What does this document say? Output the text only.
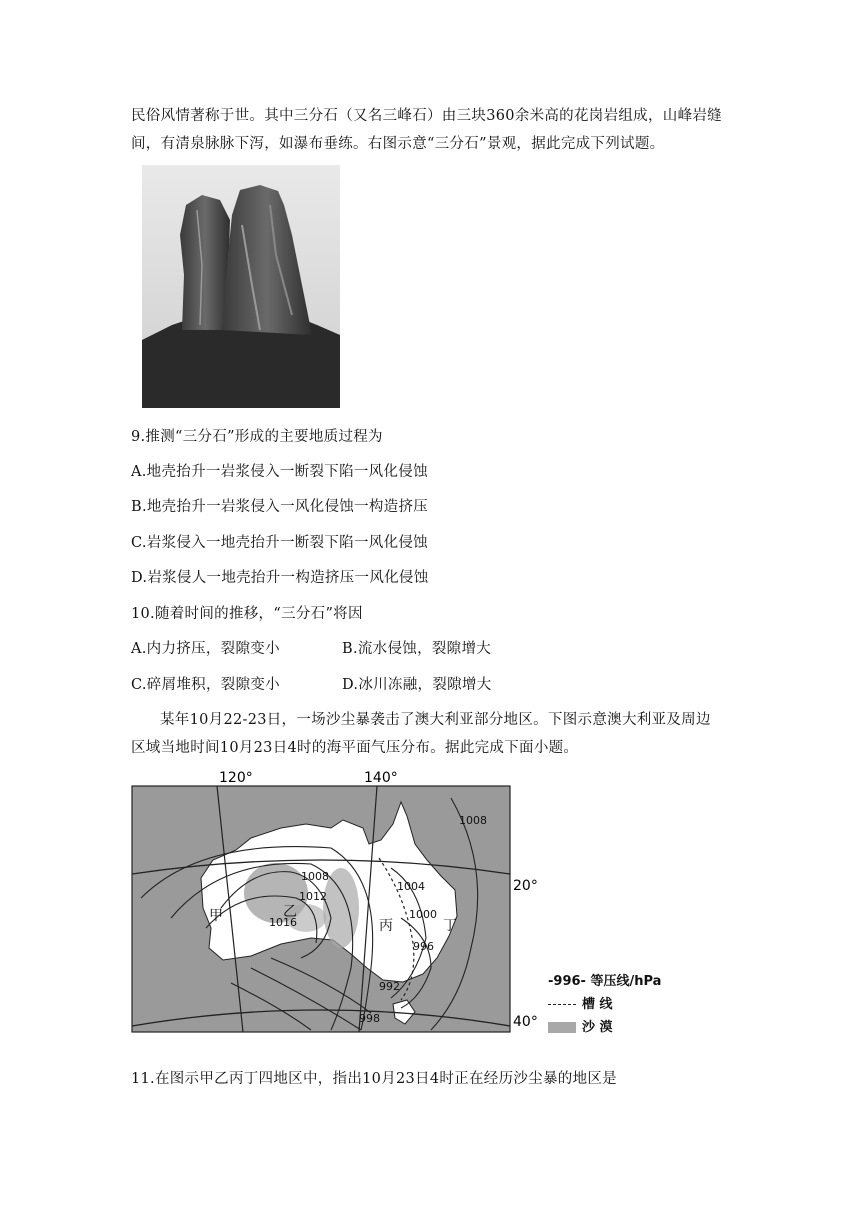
民俗风情著称于世。其中三分石（又名三峰石）由三块360余米高的花岗岩组成，山峰岩缝
间，有清泉脉脉下泻，如瀑布垂练。右图示意“三分石”景观，据此完成下列试题。
9.推测“三分石”形成的主要地质过程为
A.地壳抬升一岩浆侵入一断裂下陷一风化侵蚀
B.地壳抬升一岩浆侵入一风化侵蚀一构造挤压
C.岩浆侵入一地壳抬升一断裂下陷一风化侵蚀
D.岩浆侵人一地壳抬升一构造挤压一风化侵蚀
10.随着时间的推移，“三分石”将因
A.内力挤压，裂隙变小	B.流水侵蚀，裂隙增大
C.碎屑堆积，裂隙变小	D.冰川冻融，裂隙增大
某年10月22-23日，一场沙尘暴袭击了澳大利亚部分地区。下图示意澳大利亚及周边
区域当地时间10月23日4时的海平面气压分布。据此完成下面小题。
120°	140°
1008
1008
1004
1012
1000
1016
996
992
998
甲	乙
丙	丁
20°
40°
-996- 等压线/hPa
槽 线
沙 漠
11.在图示甲乙丙丁四地区中，指出10月23日4时正在经历沙尘暴的地区是
